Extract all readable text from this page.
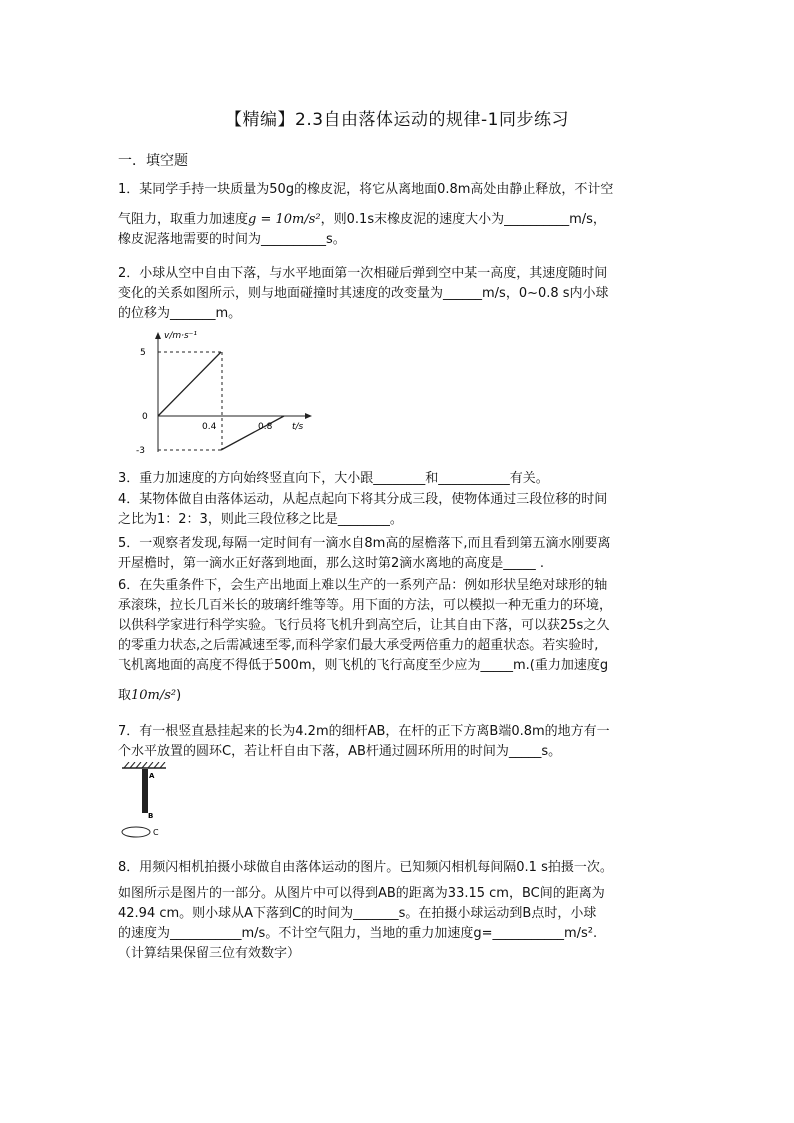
【精编】2.3自由落体运动的规律-1同步练习
一．填空题
1．某同学手持一块质量为50g的橡皮泥，将它从离地面0.8m高处由静止释放，不计空
气阻力，取重力加速度g = 10m/s²，则0.1s末橡皮泥的速度大小为__________m/s，
橡皮泥落地需要的时间为__________s。
2．小球从空中自由下落，与水平地面第一次相碰后弹到空中某一高度，其速度随时间
变化的关系如图所示，则与地面碰撞时其速度的改变量为______m/s，0~0.8 s内小球
的位移为_______m。
v/m·s⁻¹
t/s
5
0
-3
0.4	0.8
3．重力加速度的方向始终竖直向下，大小跟________和___________有关。
4．某物体做自由落体运动，从起点起向下将其分成三段，使物体通过三段位移的时间
之比为1：2：3，则此三段位移之比是________。
5．一观察者发现,每隔一定时间有一滴水自8m高的屋檐落下,而且看到第五滴水刚要离
开屋檐时，第一滴水正好落到地面，那么这时第2滴水离地的高度是_____ .
6．在失重条件下，会生产出地面上难以生产的一系列产品：例如形状呈绝对球形的轴
承滚珠，拉长几百米长的玻璃纤维等等。用下面的方法，可以模拟一种无重力的环境，
以供科学家进行科学实验。飞行员将飞机升到高空后，让其自由下落，可以获25s之久
的零重力状态,之后需减速至零,而科学家们最大承受两倍重力的超重状态。若实验时,
飞机离地面的高度不得低于500m，则飞机的飞行高度至少应为_____m.(重力加速度g
取10m/s²)
7．有一根竖直悬挂起来的长为4.2m的细杆AB，在杆的正下方离B端0.8m的地方有一
个水平放置的圆环C，若让杆自由下落，AB杆通过圆环所用的时间为_____s。
A
B
C
8．用频闪相机拍摄小球做自由落体运动的图片。已知频闪相机每间隔0.1 s拍摄一次。
如图所示是图片的一部分。从图片中可以得到AB的距离为33.15 cm，BC间的距离为
42.94 cm。则小球从A下落到C的时间为_______s。在拍摄小球运动到B点时，小球
的速度为___________m/s。不计空气阻力，当地的重力加速度g=___________m/s².
（计算结果保留三位有效数字）
